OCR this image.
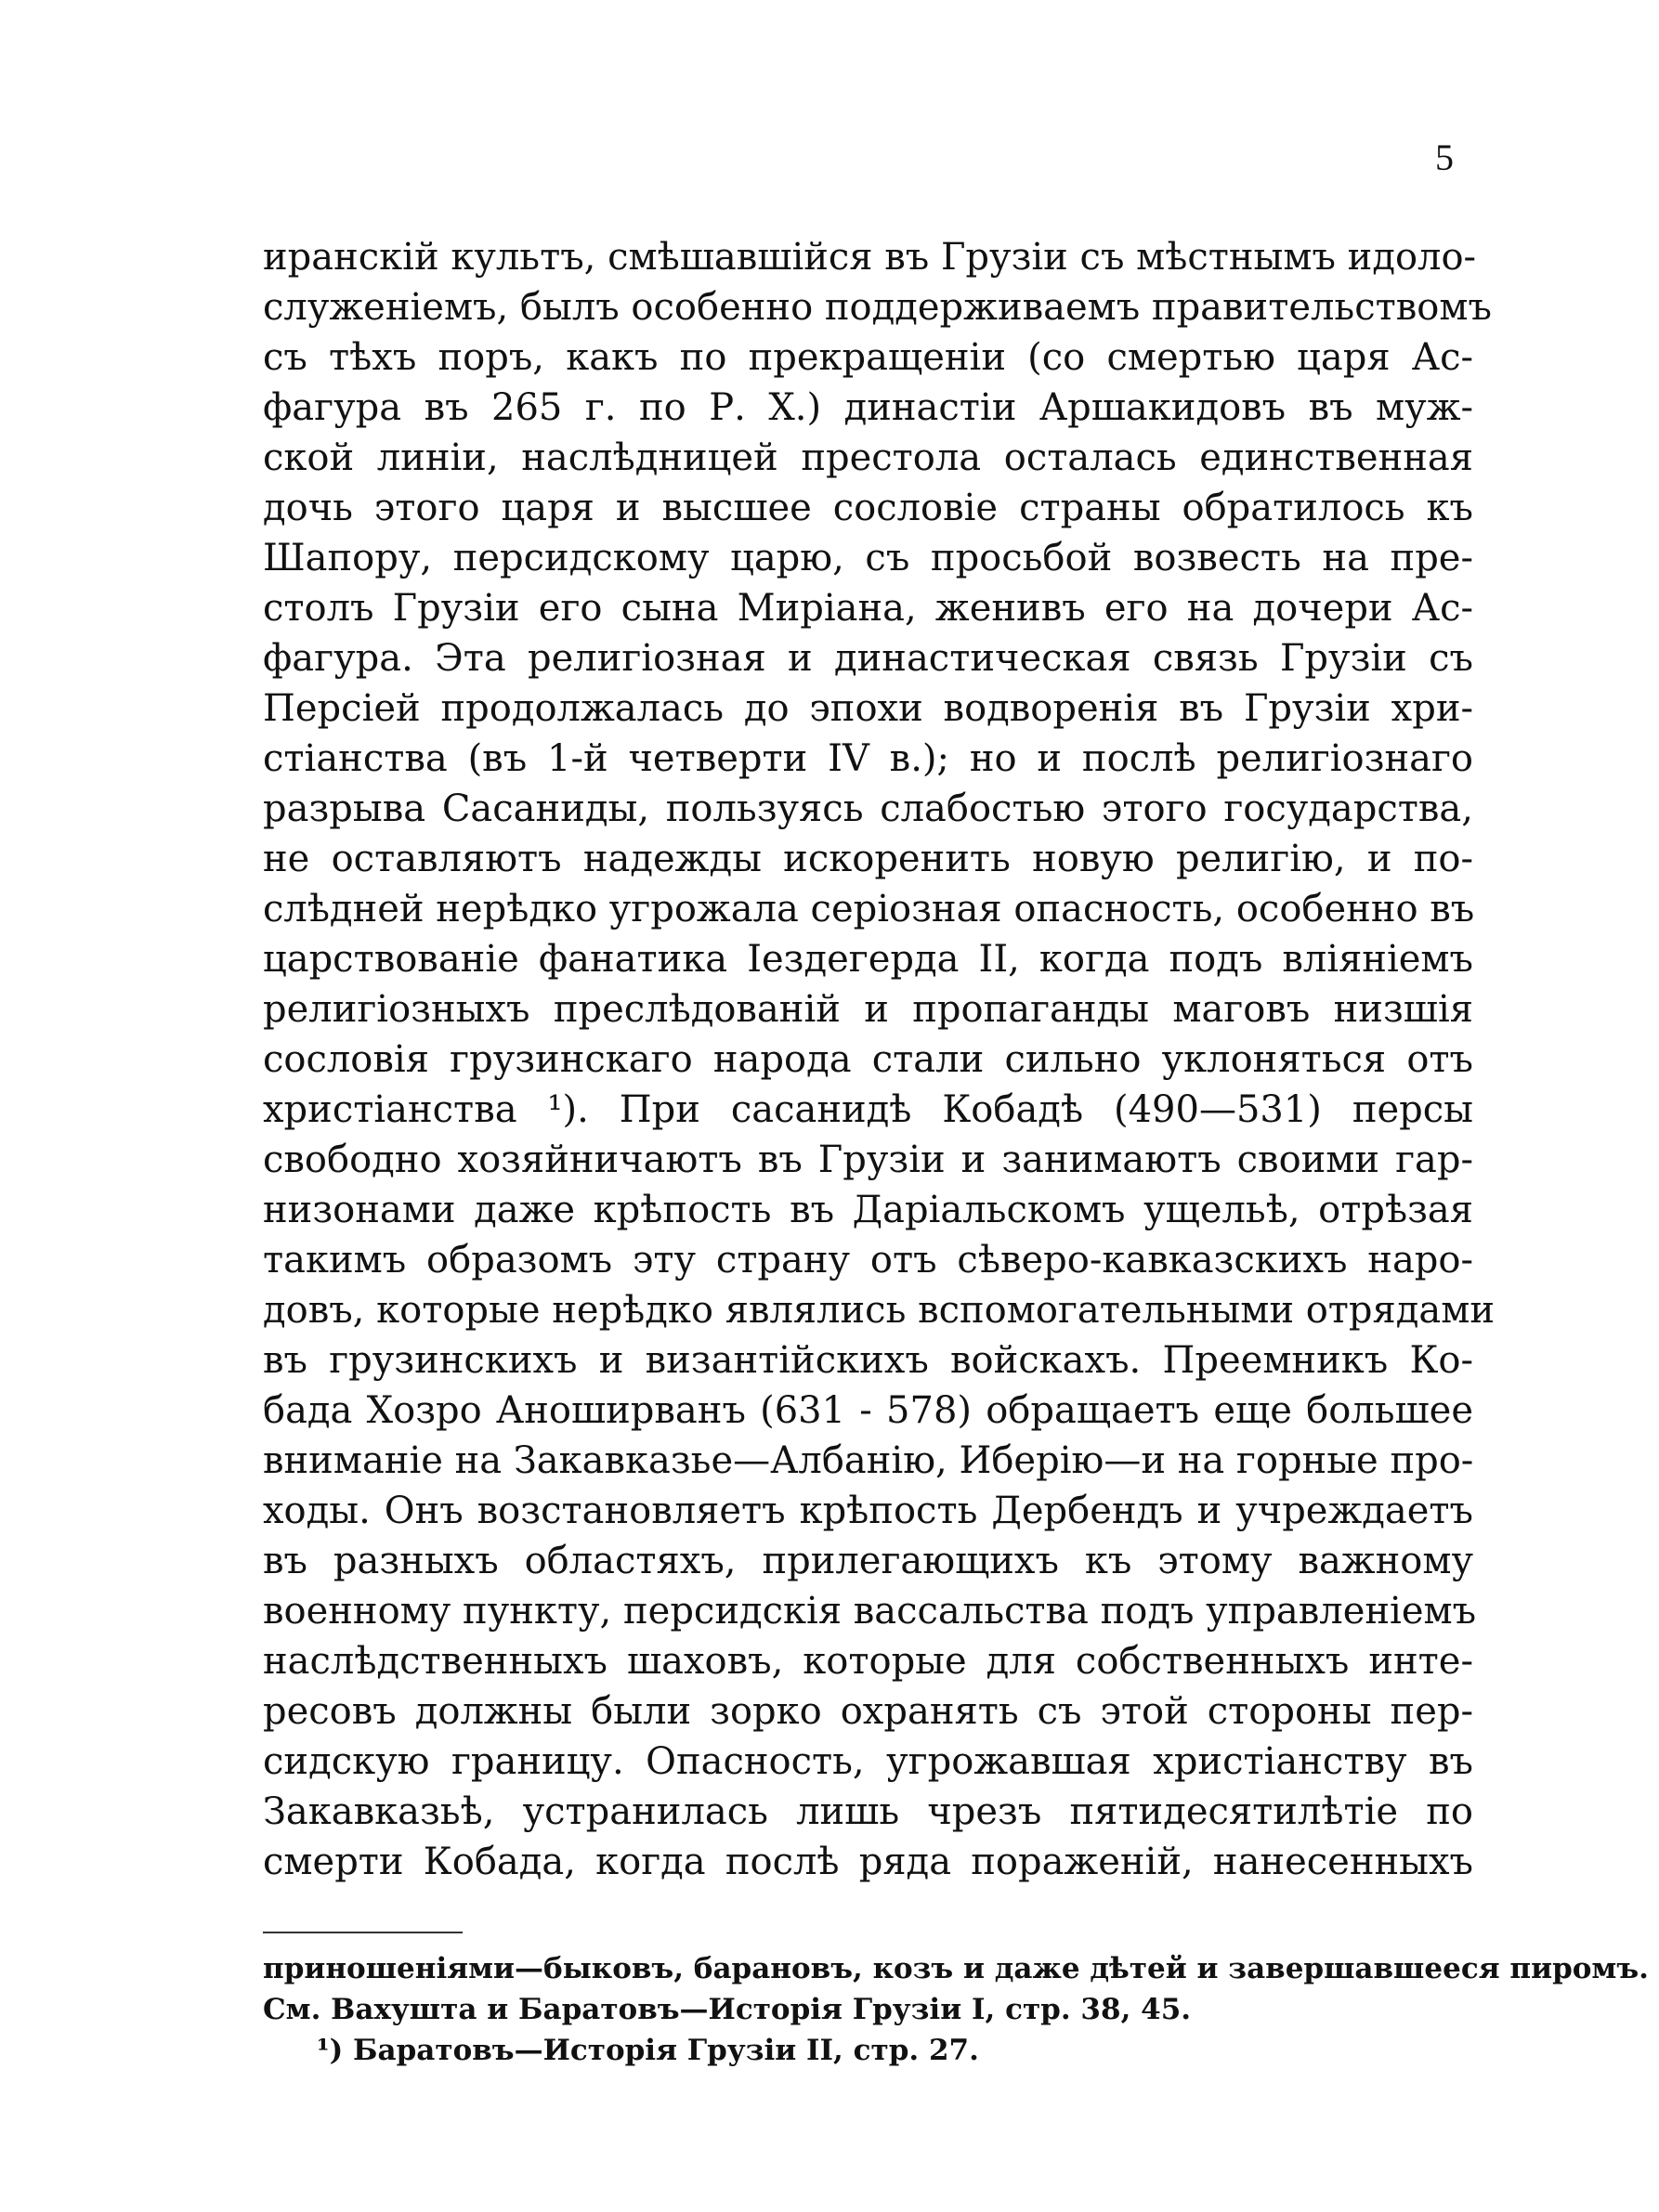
5
иранскій культъ, смѣшавшійся въ Грузіи съ мѣстнымъ идоло-
служеніемъ, былъ особенно поддерживаемъ правительствомъ
съ тѣхъ поръ, какъ по прекращеніи (со смертью царя Ас-
фагура въ 265 г. по Р. Х.) династіи Аршакидовъ въ муж-
ской линіи, наслѣдницей престола осталась единственная
дочь этого царя и высшее сословіе страны обратилось къ
Шапору, персидскому царю, съ просьбой возвесть на пре-
столъ Грузіи его сына Миріана, женивъ его на дочери Ас-
фагура. Эта религіозная и династическая связь Грузіи съ
Персіей продолжалась до эпохи водворенія въ Грузіи хри-
стіанства (въ 1-й четверти IV в.); но и послѣ религіознаго
разрыва Сасаниды, пользуясь слабостью этого государства,
не оставляютъ надежды искоренить новую религію, и по-
слѣдней нерѣдко угрожала серіозная опасность, особенно въ
царствованіе фанатика Іездегерда II, когда подъ вліяніемъ
религіозныхъ преслѣдованій и пропаганды маговъ низшія
сословія грузинскаго народа стали сильно уклоняться отъ
христіанства ¹). При сасанидѣ Кобадѣ (490—531) персы
свободно хозяйничаютъ въ Грузіи и занимаютъ своими гар-
низонами даже крѣпость въ Даріальскомъ ущельѣ, отрѣзая
такимъ образомъ эту страну отъ сѣверо-кавказскихъ наро-
довъ, которые нерѣдко являлись вспомогательными отрядами
въ грузинскихъ и византійскихъ войскахъ. Преемникъ Ко-
бада Хозро Аноширванъ (631 - 578) обращаетъ еще большее
вниманіе на Закавказье—Албанію, Иберію—и на горные про-
ходы. Онъ возстановляетъ крѣпость Дербендъ и учреждаетъ
въ разныхъ областяхъ, прилегающихъ къ этому важному
военному пункту, персидскія вассальства подъ управленіемъ
наслѣдственныхъ шаховъ, которые для собственныхъ инте-
ресовъ должны были зорко охранять съ этой стороны пер-
сидскую границу. Опасность, угрожавшая христіанству въ
Закавказьѣ, устранилась лишь чрезъ пятидесятилѣтіе по
смерти Кобада, когда послѣ ряда пораженій, нанесенныхъ
приношеніями—быковъ, барановъ, козъ и даже дѣтей и завершавшееся пиромъ.
См. Вахушта и Баратовъ—Исторія Грузіи I, стр. 38, 45.
¹) Баратовъ—Исторія Грузіи II, стр. 27.
